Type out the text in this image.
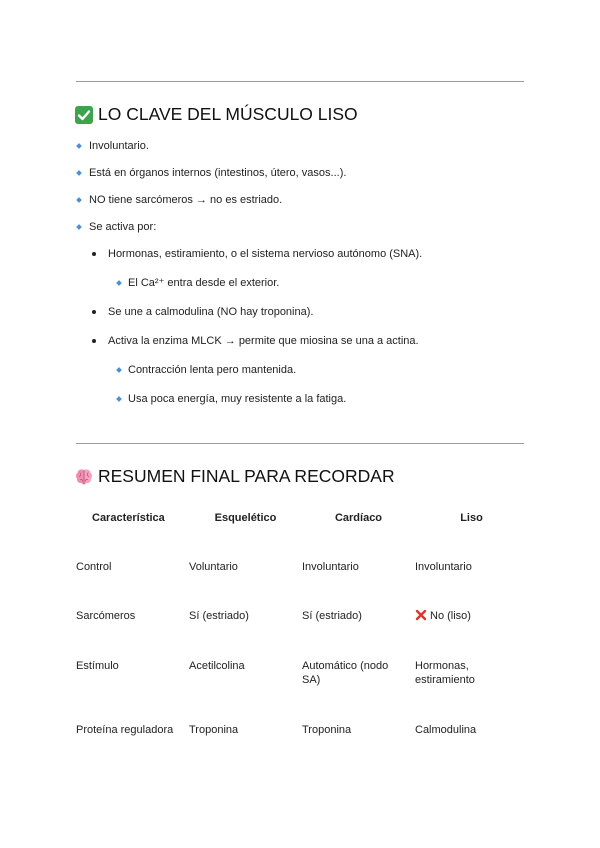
LO CLAVE DEL MÚSCULO LISO
Involuntario.
Está en órganos internos (intestinos, útero, vasos...).
NO tiene sarcómeros → no es estriado.
Se activa por:
Hormonas, estiramiento, o el sistema nervioso autónomo (SNA).
El Ca²⁺ entra desde el exterior.
Se une a calmodulina (NO hay troponina).
Activa la enzima MLCK → permite que miosina se una a actina.
Contracción lenta pero mantenida.
Usa poca energía, muy resistente a la fatiga.
RESUMEN FINAL PARA RECORDAR
Característica	Esquelético	Cardíaco	Liso
Control	Voluntario	Involuntario	Involuntario
Sarcómeros	Sí (estriado)	Sí (estriado)	No (liso)
Estímulo	Acetilcolina	Automático (nodo SA)	Hormonas, estiramiento
Proteína reguladora	Troponina	Troponina	Calmodulina
